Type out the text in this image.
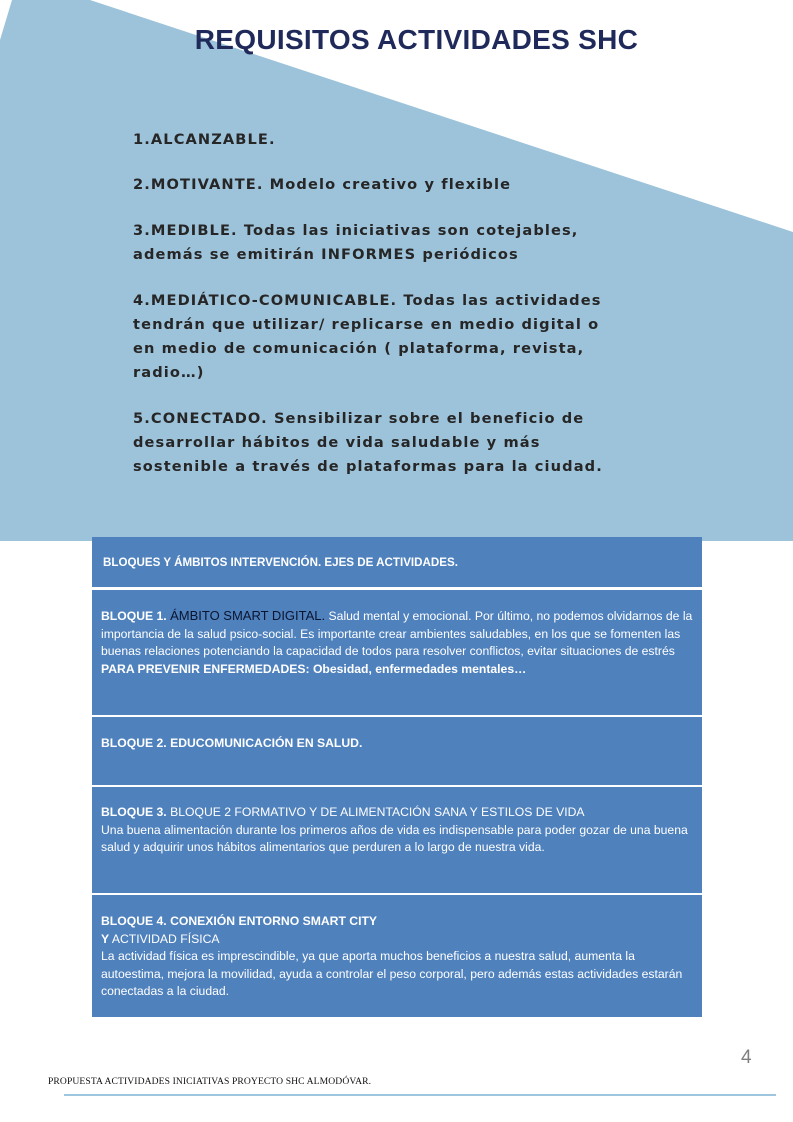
REQUISITOS ACTIVIDADES SHC

1.ALCANZABLE.

2.MOTIVANTE. Modelo creativo y flexible

3.MEDIBLE. Todas las iniciativas son cotejables,
además se emitirán INFORMES periódicos

4.MEDIÁTICO-COMUNICABLE. Todas las actividades
tendrán que utilizar/ replicarse en medio digital o
en medio de comunicación ( plataforma, revista,
radio…)

5.CONECTADO. Sensibilizar sobre el beneficio de
desarrollar hábitos de vida saludable y más
sostenible a través de plataformas para la ciudad.

BLOQUES Y ÁMBITOS INTERVENCIÓN. EJES DE ACTIVIDADES.
BLOQUE 1. ÁMBITO SMART DIGITAL. Salud mental y emocional. Por último, no podemos olvidarnos de la importancia de la salud psico-social. Es importante crear ambientes saludables, en los que se fomenten las buenas relaciones potenciando la capacidad de todos para resolver conflictos, evitar situaciones de estrés PARA PREVENIR ENFERMEDADES: Obesidad, enfermedades mentales…
BLOQUE 2. EDUCOMUNICACIÓN EN SALUD.
BLOQUE 3. BLOQUE 2 FORMATIVO Y DE ALIMENTACIÓN SANA Y ESTILOS DE VIDA
Una buena alimentación durante los primeros años de vida es indispensable para poder gozar de una buena salud y adquirir unos hábitos alimentarios que perduren a lo largo de nuestra vida.
BLOQUE 4. CONEXIÓN ENTORNO SMART CITY
Y ACTIVIDAD FÍSICA
La actividad física es imprescindible, ya que aporta muchos beneficios a nuestra salud, aumenta la autoestima, mejora la movilidad, ayuda a controlar el peso corporal, pero además estas actividades estarán conectadas a la ciudad.
4
PROPUESTA ACTIVIDADES INICIATIVAS PROYECTO SHC ALMODÓVAR.
